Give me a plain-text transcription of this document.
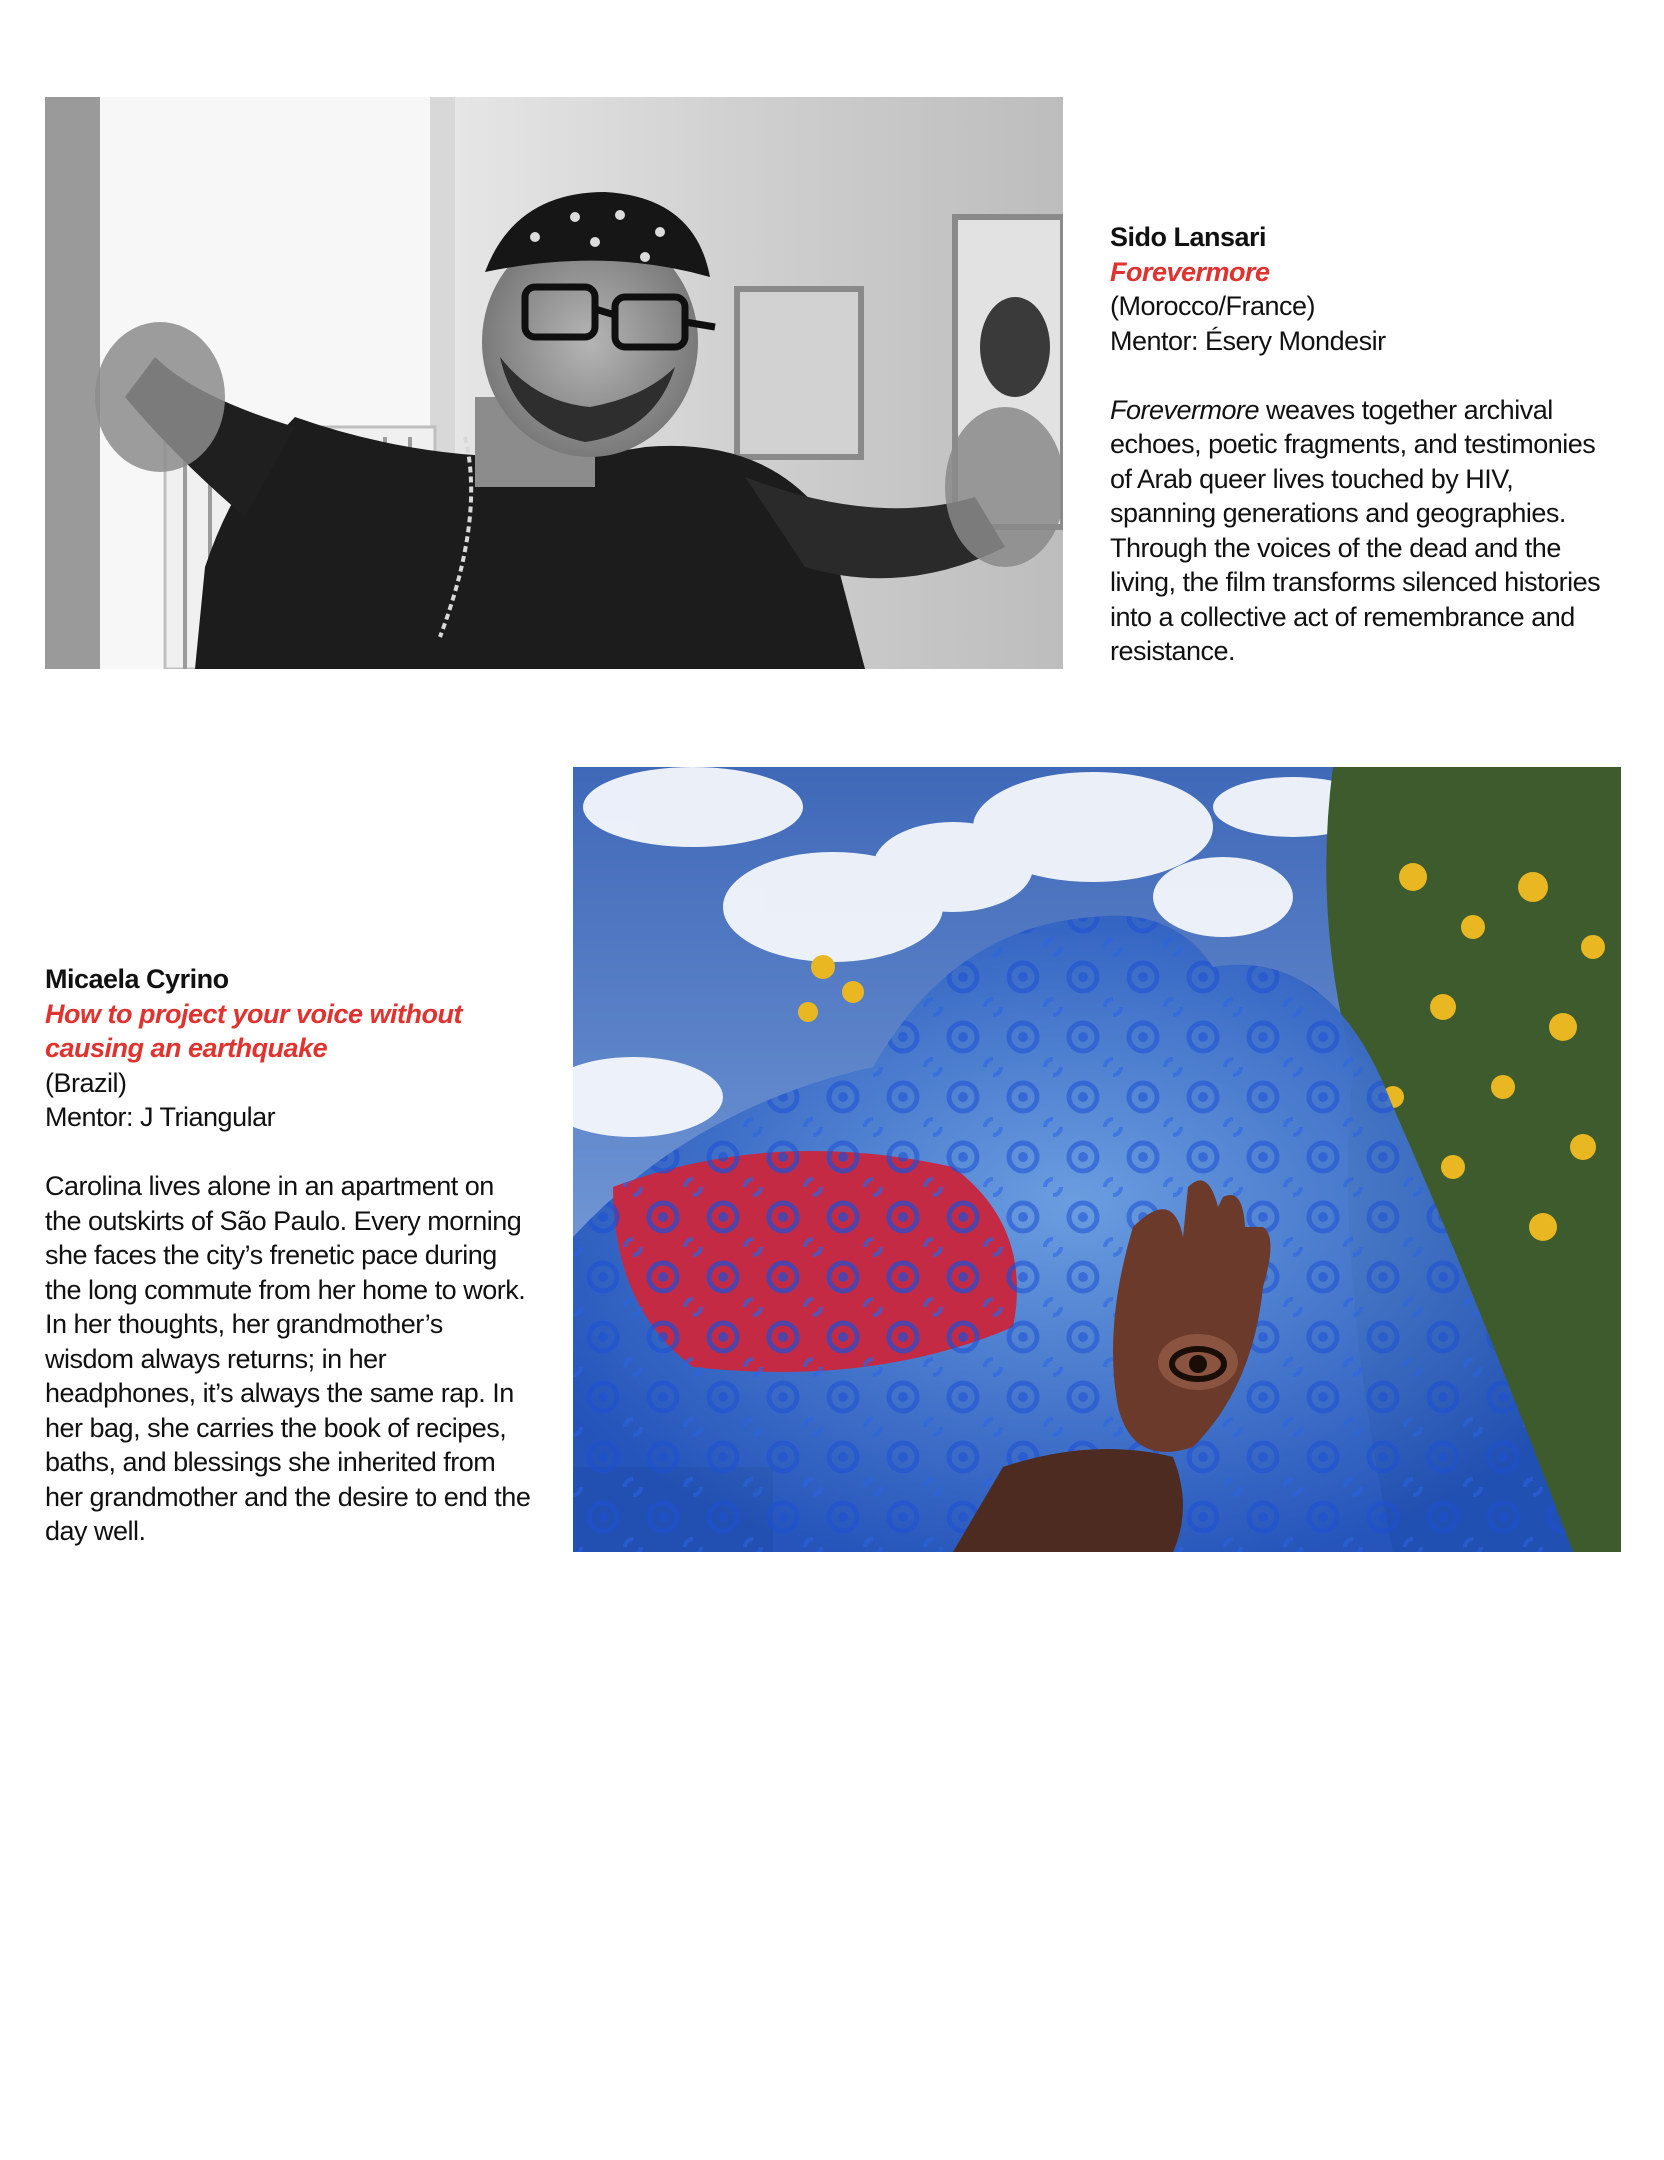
Sido Lansari
Forevermore
(Morocco/France)
Mentor: Ésery Mondesir
Forevermore weaves together archival echoes, poetic fragments, and testimonies of Arab queer lives touched by HIV, spanning generations and geographies. Through the voices of the dead and the living, the film transforms silenced histories into a collective act of remembrance and resistance.
Micaela Cyrino
How to project your voice without causing an earthquake
(Brazil)
Mentor: J Triangular
Carolina lives alone in an apartment on the outskirts of São Paulo. Every morning she faces the city’s frenetic pace during the long commute from her home to work. In her thoughts, her grandmother’s wisdom always returns; in her headphones, it’s always the same rap. In her bag, she carries the book of recipes, baths, and blessings she inherited from her grandmother and the desire to end the day well.
